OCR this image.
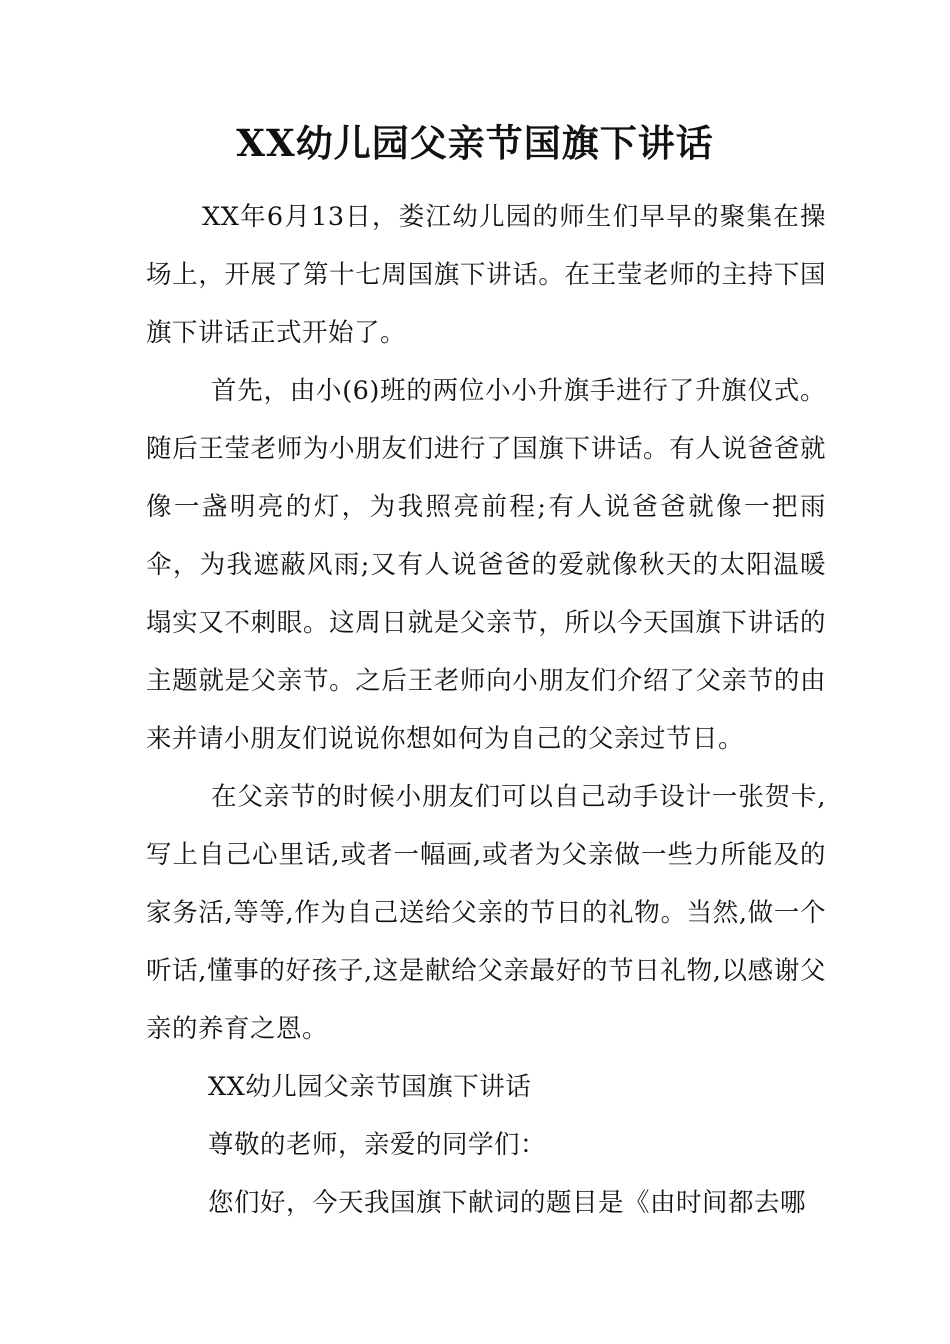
XX幼儿园父亲节国旗下讲话

XX年6月13日，娄江幼儿园的师生们早早的聚集在操场上，开展了第十七周国旗下讲话。在王莹老师的主持下国旗下讲话正式开始了。

首先，由小(6)班的两位小小升旗手进行了升旗仪式。随后王莹老师为小朋友们进行了国旗下讲话。有人说爸爸就像一盏明亮的灯，为我照亮前程;有人说爸爸就像一把雨伞，为我遮蔽风雨;又有人说爸爸的爱就像秋天的太阳温暖塌实又不刺眼。这周日就是父亲节，所以今天国旗下讲话的主题就是父亲节。之后王老师向小朋友们介绍了父亲节的由来并请小朋友们说说你想如何为自己的父亲过节日。

在父亲节的时候小朋友们可以自己动手设计一张贺卡,写上自己心里话,或者一幅画,或者为父亲做一些力所能及的家务活,等等,作为自己送给父亲的节日的礼物。当然,做一个听话,懂事的好孩子,这是献给父亲最好的节日礼物,以感谢父亲的养育之恩。

XX幼儿园父亲节国旗下讲话

尊敬的老师，亲爱的同学们：

您们好，今天我国旗下献词的题目是《由时间都去哪
